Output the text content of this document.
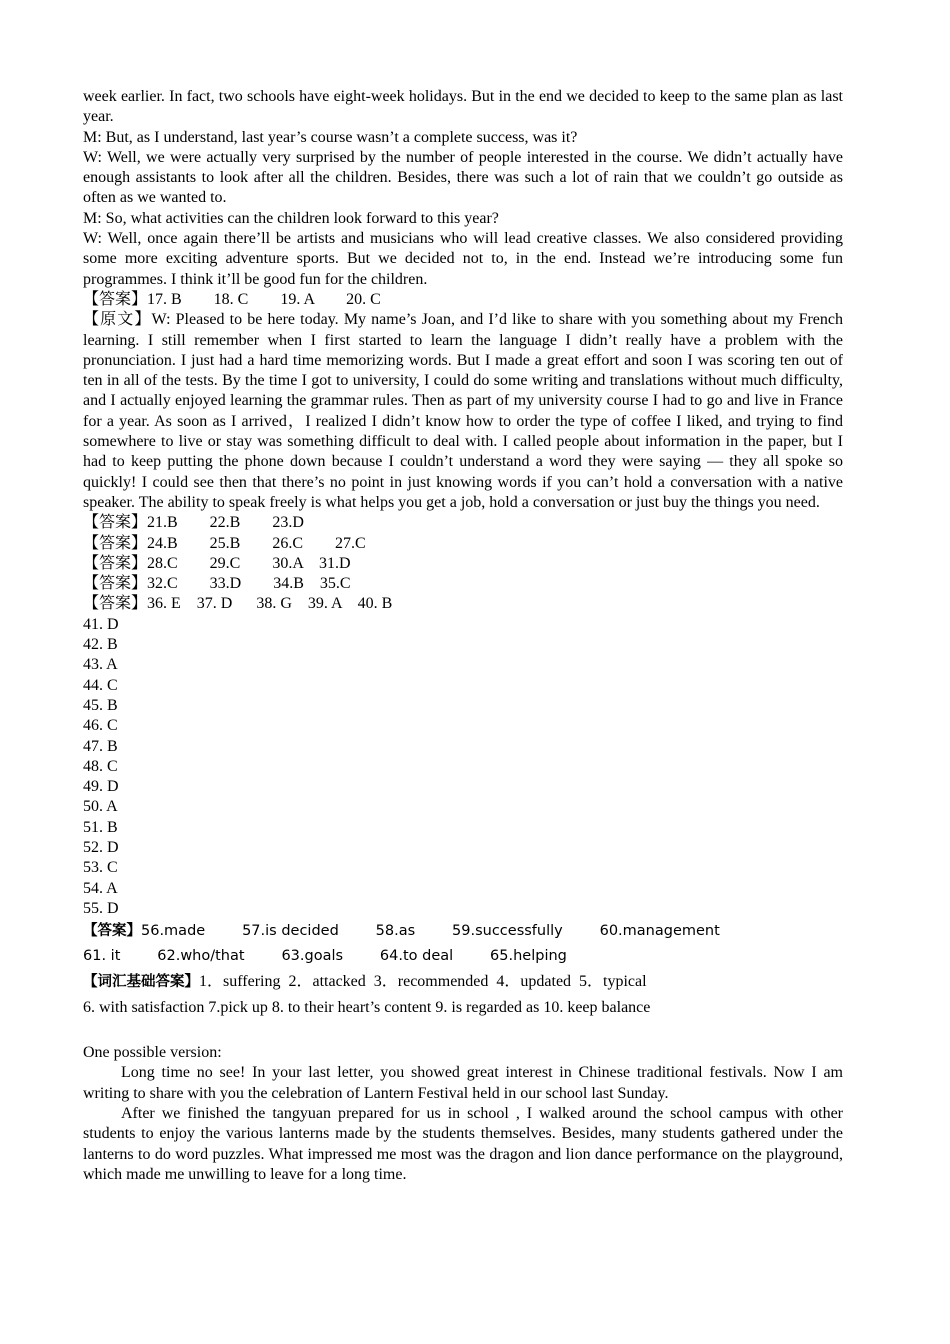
week earlier. In fact, two schools have eight-week holidays. But in the end we decided to keep to the same plan as last year.

M: But, as I understand, last year’s course wasn’t a complete success, was it?

W: Well, we were actually very surprised by the number of people interested in the course. We didn’t actually have enough assistants to look after all the children. Besides, there was such a lot of rain that we couldn’t go outside as often as we wanted to.

M: So, what activities can the children look forward to this year?

W: Well, once again there’ll be artists and musicians who will lead creative classes. We also considered providing some more exciting adventure sports. But we decided not to, in the end. Instead we’re introducing some fun programmes. I think it’ll be good fun for the children.

【答案】17. B        18. C        19. A        20. C

【原文】W: Pleased to be here today. My name’s Joan, and I’d like to share with you something about my French learning. I still remember when I first started to learn the language I didn’t really have a problem with the pronunciation. I just had a hard time memorizing words. But I made a great effort and soon I was scoring ten out of ten in all of the tests. By the time I got to university, I could do some writing and translations without much difficulty, and I actually enjoyed learning the grammar rules. Then as part of my university course I had to go and live in France for a year. As soon as I arrived，I realized I didn’t know how to order the type of coffee I liked, and trying to find somewhere to live or stay was something difficult to deal with. I called people about information in the paper, but I had to keep putting the phone down because I couldn’t understand a word they were saying — they all spoke so quickly! I could see then that there’s no point in just knowing words if you can’t hold a conversation with a native speaker. The ability to speak freely is what helps you get a job, hold a conversation or just buy the things you need.

【答案】21.B        22.B        23.D

【答案】24.B        25.B        26.C        27.C

【答案】28.C        29.C        30.A    31.D

【答案】32.C        33.D        34.B    35.C

【答案】36. E    37. D      38. G    39. A    40. B

41. D

42. B

43. A

44. C

45. B

46. C

47. B

48. C

49. D

50. A

51. B

52. D

53. C

54. A

55. D

【答案】56.made        57.is decided        58.as        59.successfully        60.management

61. it        62.who/that        63.goals        64.to deal        65.helping

【词汇基础答案】1．suffering  2．attacked  3．recommended  4．updated  5．typical

6. with satisfaction 7.pick up 8. to their heart’s content 9. is regarded as 10. keep balance

One possible version:

Long time no see! In your last letter, you showed great interest in Chinese traditional festivals. Now I am writing to share with you the celebration of Lantern Festival held in our school last Sunday.

After we finished the tangyuan prepared for us in school , I walked around the school campus with other students to enjoy the various lanterns made by the students themselves. Besides, many students gathered under the lanterns to do word puzzles. What impressed me most was the dragon and lion dance performance on the playground, which made me unwilling to leave for a long time.
